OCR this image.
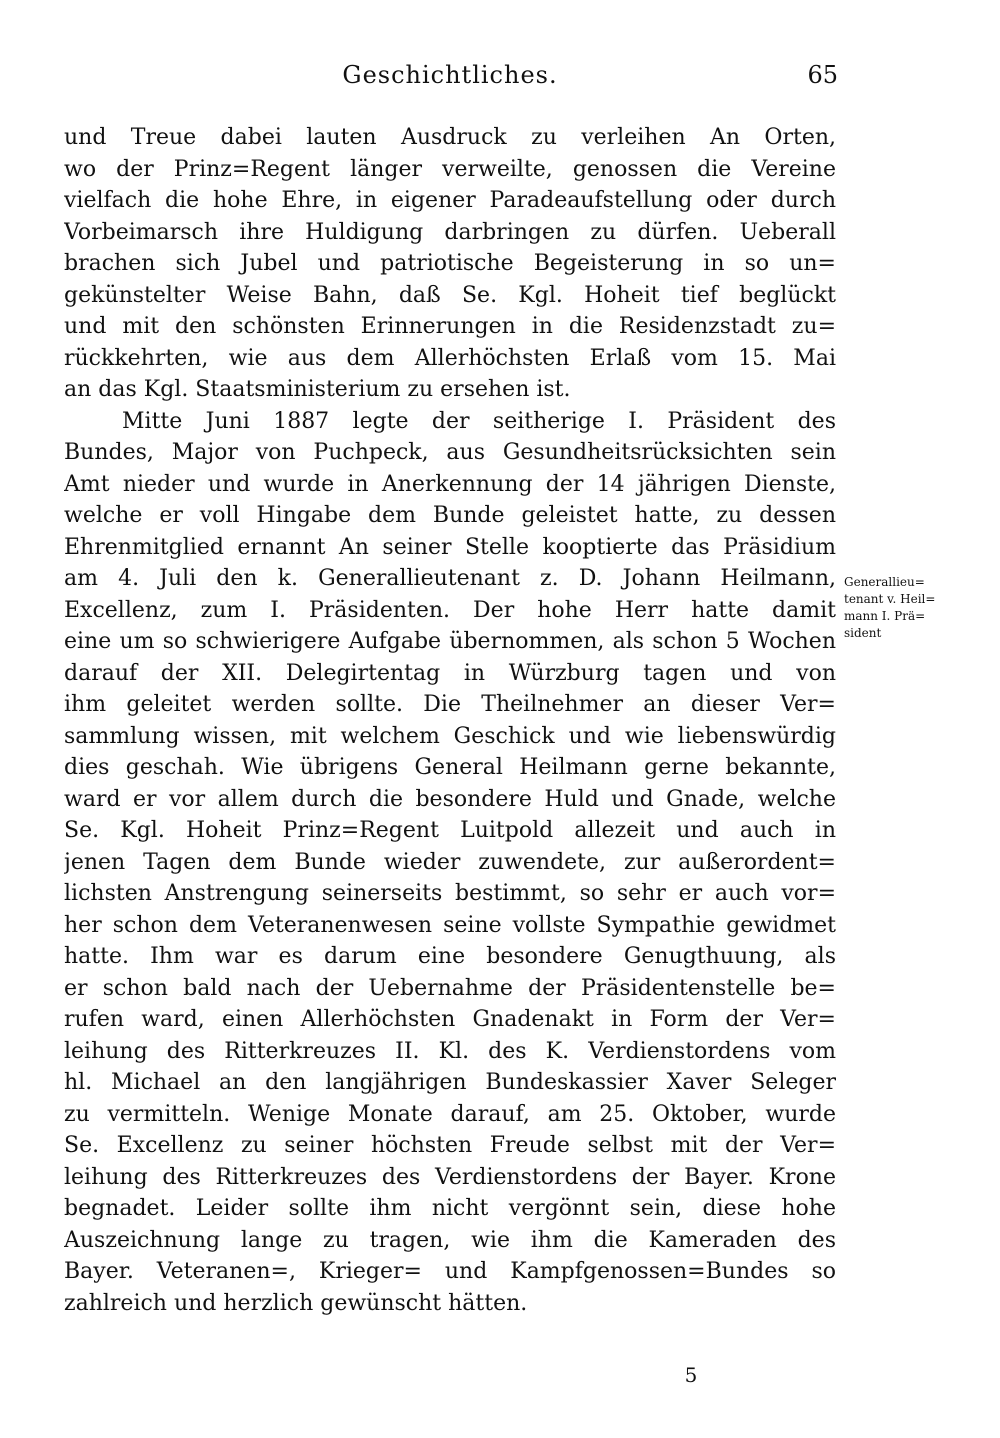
Geschichtliches.	65
und Treue dabei lauten Ausdruck zu verleihen An Orten,
wo der Prinz=Regent länger verweilte, genossen die Vereine
vielfach die hohe Ehre, in eigener Paradeaufstellung oder durch
Vorbeimarsch ihre Huldigung darbringen zu dürfen. Ueberall
brachen sich Jubel und patriotische Begeisterung in so un=
gekünstelter Weise Bahn, daß Se. Kgl. Hoheit tief beglückt
und mit den schönsten Erinnerungen in die Residenzstadt zu=
rückkehrten, wie aus dem Allerhöchsten Erlaß vom 15. Mai
an das Kgl. Staatsministerium zu ersehen ist.
Mitte Juni 1887 legte der seitherige I. Präsident des
Bundes, Major von Puchpeck, aus Gesundheitsrücksichten sein
Amt nieder und wurde in Anerkennung der 14 jährigen Dienste,
welche er voll Hingabe dem Bunde geleistet hatte, zu dessen
Ehrenmitglied ernannt An seiner Stelle kooptierte das Präsidium
am 4. Juli den k. Generallieutenant z. D. Johann Heilmann,
Excellenz, zum I. Präsidenten. Der hohe Herr hatte damit
eine um so schwierigere Aufgabe übernommen, als schon 5 Wochen
darauf der XII. Delegirtentag in Würzburg tagen und von
ihm geleitet werden sollte. Die Theilnehmer an dieser Ver=
sammlung wissen, mit welchem Geschick und wie liebenswürdig
dies geschah. Wie übrigens General Heilmann gerne bekannte,
ward er vor allem durch die besondere Huld und Gnade, welche
Se. Kgl. Hoheit Prinz=Regent Luitpold allezeit und auch in
jenen Tagen dem Bunde wieder zuwendete, zur außerordent=
lichsten Anstrengung seinerseits bestimmt, so sehr er auch vor=
her schon dem Veteranenwesen seine vollste Sympathie gewidmet
hatte. Ihm war es darum eine besondere Genugthuung, als
er schon bald nach der Uebernahme der Präsidentenstelle be=
rufen ward, einen Allerhöchsten Gnadenakt in Form der Ver=
leihung des Ritterkreuzes II. Kl. des K. Verdienstordens vom
hl. Michael an den langjährigen Bundeskassier Xaver Seleger
zu vermitteln. Wenige Monate darauf, am 25. Oktober, wurde
Se. Excellenz zu seiner höchsten Freude selbst mit der Ver=
leihung des Ritterkreuzes des Verdienstordens der Bayer. Krone
begnadet. Leider sollte ihm nicht vergönnt sein, diese hohe
Auszeichnung lange zu tragen, wie ihm die Kameraden des
Bayer. Veteranen=, Krieger= und Kampfgenossen=Bundes so
zahlreich und herzlich gewünscht hätten.
Generallieu=
tenant v. Heil=
mann I. Prä=
sident
5
